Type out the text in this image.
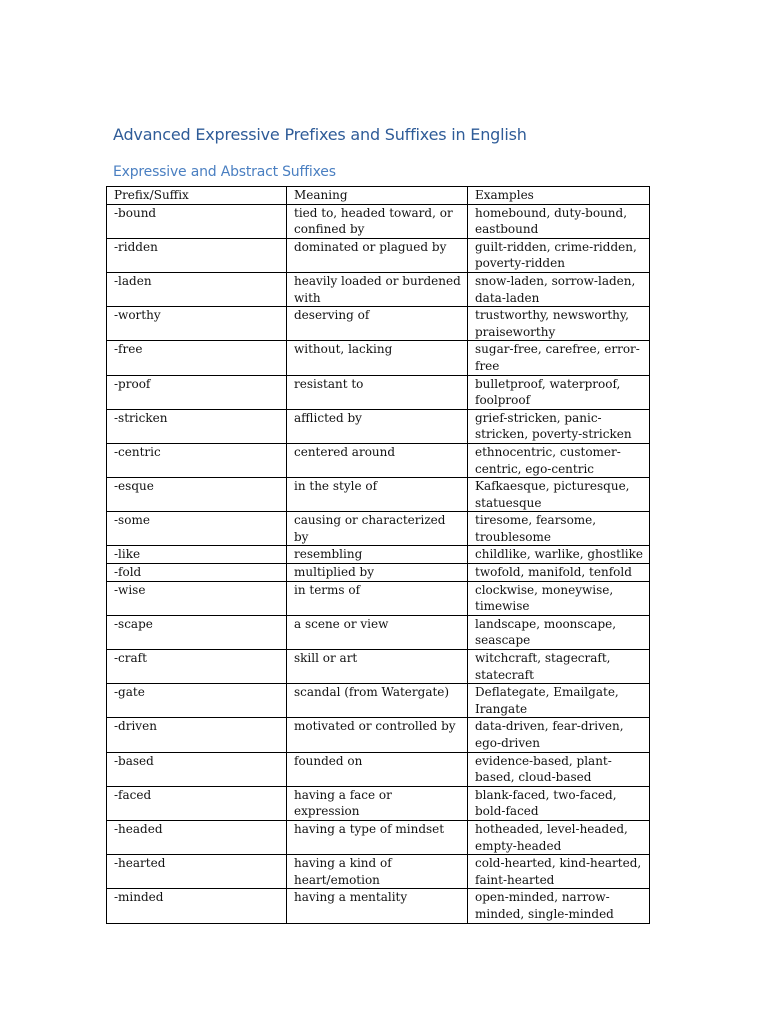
Advanced Expressive Prefixes and Suffixes in English
Expressive and Abstract Suffixes
Prefix/Suffix	Meaning	Examples
-bound	tied to, headed toward, or confined by	homebound, duty-bound, eastbound
-ridden	dominated or plagued by	guilt-ridden, crime-ridden, poverty-ridden
-laden	heavily loaded or burdened with	snow-laden, sorrow-laden, data-laden
-worthy	deserving of	trustworthy, newsworthy, praiseworthy
-free	without, lacking	sugar-free, carefree, error-free
-proof	resistant to	bulletproof, waterproof, foolproof
-stricken	afflicted by	grief-stricken, panic-stricken, poverty-stricken
-centric	centered around	ethnocentric, customer-centric, ego-centric
-esque	in the style of	Kafkaesque, picturesque, statuesque
-some	causing or characterized by	tiresome, fearsome, troublesome
-like	resembling	childlike, warlike, ghostlike
-fold	multiplied by	twofold, manifold, tenfold
-wise	in terms of	clockwise, moneywise, timewise
-scape	a scene or view	landscape, moonscape, seascape
-craft	skill or art	witchcraft, stagecraft, statecraft
-gate	scandal (from Watergate)	Deflategate, Emailgate, Irangate
-driven	motivated or controlled by	data-driven, fear-driven, ego-driven
-based	founded on	evidence-based, plant-based, cloud-based
-faced	having a face or expression	blank-faced, two-faced, bold-faced
-headed	having a type of mindset	hotheaded, level-headed, empty-headed
-hearted	having a kind of heart/emotion	cold-hearted, kind-hearted, faint-hearted
-minded	having a mentality	open-minded, narrow-minded, single-minded
